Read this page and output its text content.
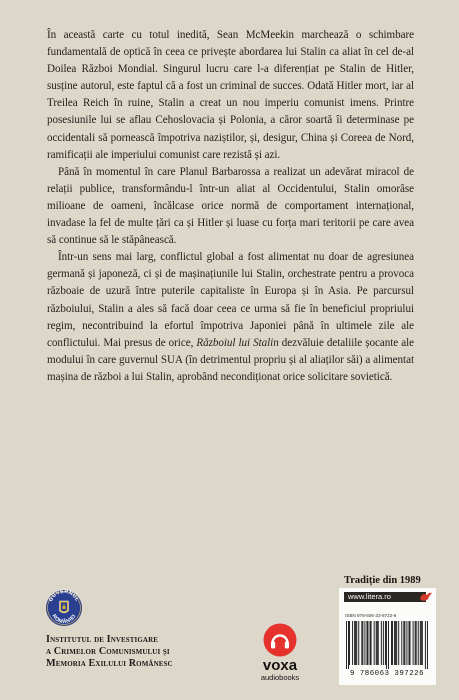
În această carte cu totul inedită, Sean McMeekin marchează o schimbare fundamentală de optică în ceea ce privește abordarea lui Stalin ca aliat în cel de-al Doilea Război Mondial. Singurul lucru care l-a diferențiat pe Stalin de Hitler, susține autorul, este faptul că a fost un criminal de succes. Odată Hitler mort, iar al Treilea Reich în ruine, Stalin a creat un nou imperiu comunist imens. Printre posesiunile lui se aflau Cehoslovacia și Polonia, a căror soartă îi determinase pe occidentali să pornească împotriva naziștilor, și, desigur, China și Coreea de Nord, ramificații ale imperiului comunist care rezistă și azi.

Până în momentul în care Planul Barbarossa a realizat un adevărat miracol de relații publice, transformându-l într-un aliat al Occidentului, Stalin omorâse milioane de oameni, încălcase orice normă de comportament internațional, invadase la fel de multe țări ca și Hitler și luase cu forța mari teritorii pe care avea să continue să le stăpânească.

Într-un sens mai larg, conflictul global a fost alimentat nu doar de agresiunea germană și japoneză, ci și de mașinațiunile lui Stalin, orchestrate pentru a provoca războaie de uzură între puterile capitaliste în Europa și în Asia. Pe parcursul războiului, Stalin a ales să facă doar ceea ce urma să fie în beneficiul propriului regim, necontribuind la efortul împotriva Japoniei până în ultimele zile ale conflictului. Mai presus de orice, Războiul lui Stalin dezvăluie detaliile șocante ale modului în care guvernul SUA (în detrimentul propriu și al aliaților săi) a alimentat mașina de război a lui Stalin, aprobând necondiționat orice solicitare sovietică.

GUVERNUL
ROMÂNIEI
Institutul de Investigare
a Crimelor Comunismului și
Memoria Exilului Românesc	voxa
audiobooks
Tradiție din 1989
www.litera.ro
ISBN 978-606-33-9722-6
9 786063 397226
